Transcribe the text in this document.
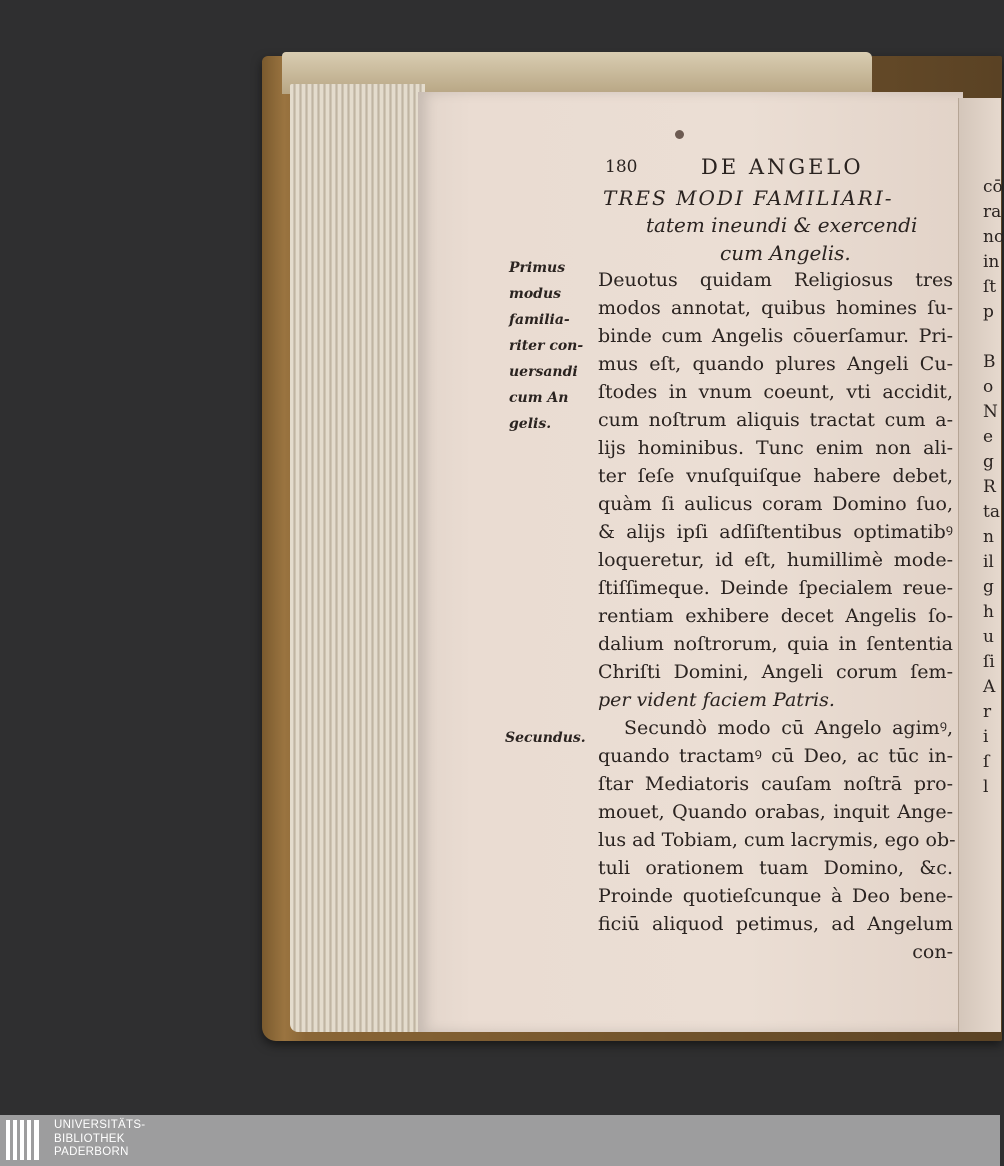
180	DE ANGELO
TRES MODI FAMILIARI-
tatem ineundi & exercendi
cum Angelis.
Primus
modus
familia-
riter con-
uersandi
cum An
gelis.
Secundus.
Deuotus quidam Religiosus tres
modos annotat, quibus homines ſu-
binde cum Angelis cōuerſamur. Pri-
mus eſt, quando plures Angeli Cu-
ſtodes in vnum coeunt, vti accidit,
cum noſtrum aliquis tractat cum a-
lijs hominibus. Tunc enim non ali-
ter ſeſe vnuſquiſque habere debet,
quàm ſi aulicus coram Domino ſuo,
& alijs ipſi adſiſtentibus optimatibꝰ
loqueretur, id eſt, humillimè mode-
ſtiſſimeque. Deinde ſpecialem reue-
rentiam exhibere decet Angelis ſo-
dalium noſtrorum, quia in ſententia
Chriſti Domini, Angeli corum ſem-
per vident faciem Patris.
Secundò modo cū Angelo agimꝰ,
quando tractamꝰ cū Deo, ac tūc in-
ſtar Mediatoris cauſam noſtrā pro-
mouet, Quando orabas, inquit Ange-
lus ad Tobiam, cum lacrymis, ego ob-
tuli orationem tuam Domino, &c.
Proinde quotieſcunque à Deo bene-
ficiū aliquod petimus, ad Angelum
con-
cō
ra
no
in
ſt
p
B
o
N
e
g
R
ta
n
il
g
h
u
ſi
A
r
i
ſ
l
UNIVERSITÄTS-
BIBLIOTHEK
PADERBORN
